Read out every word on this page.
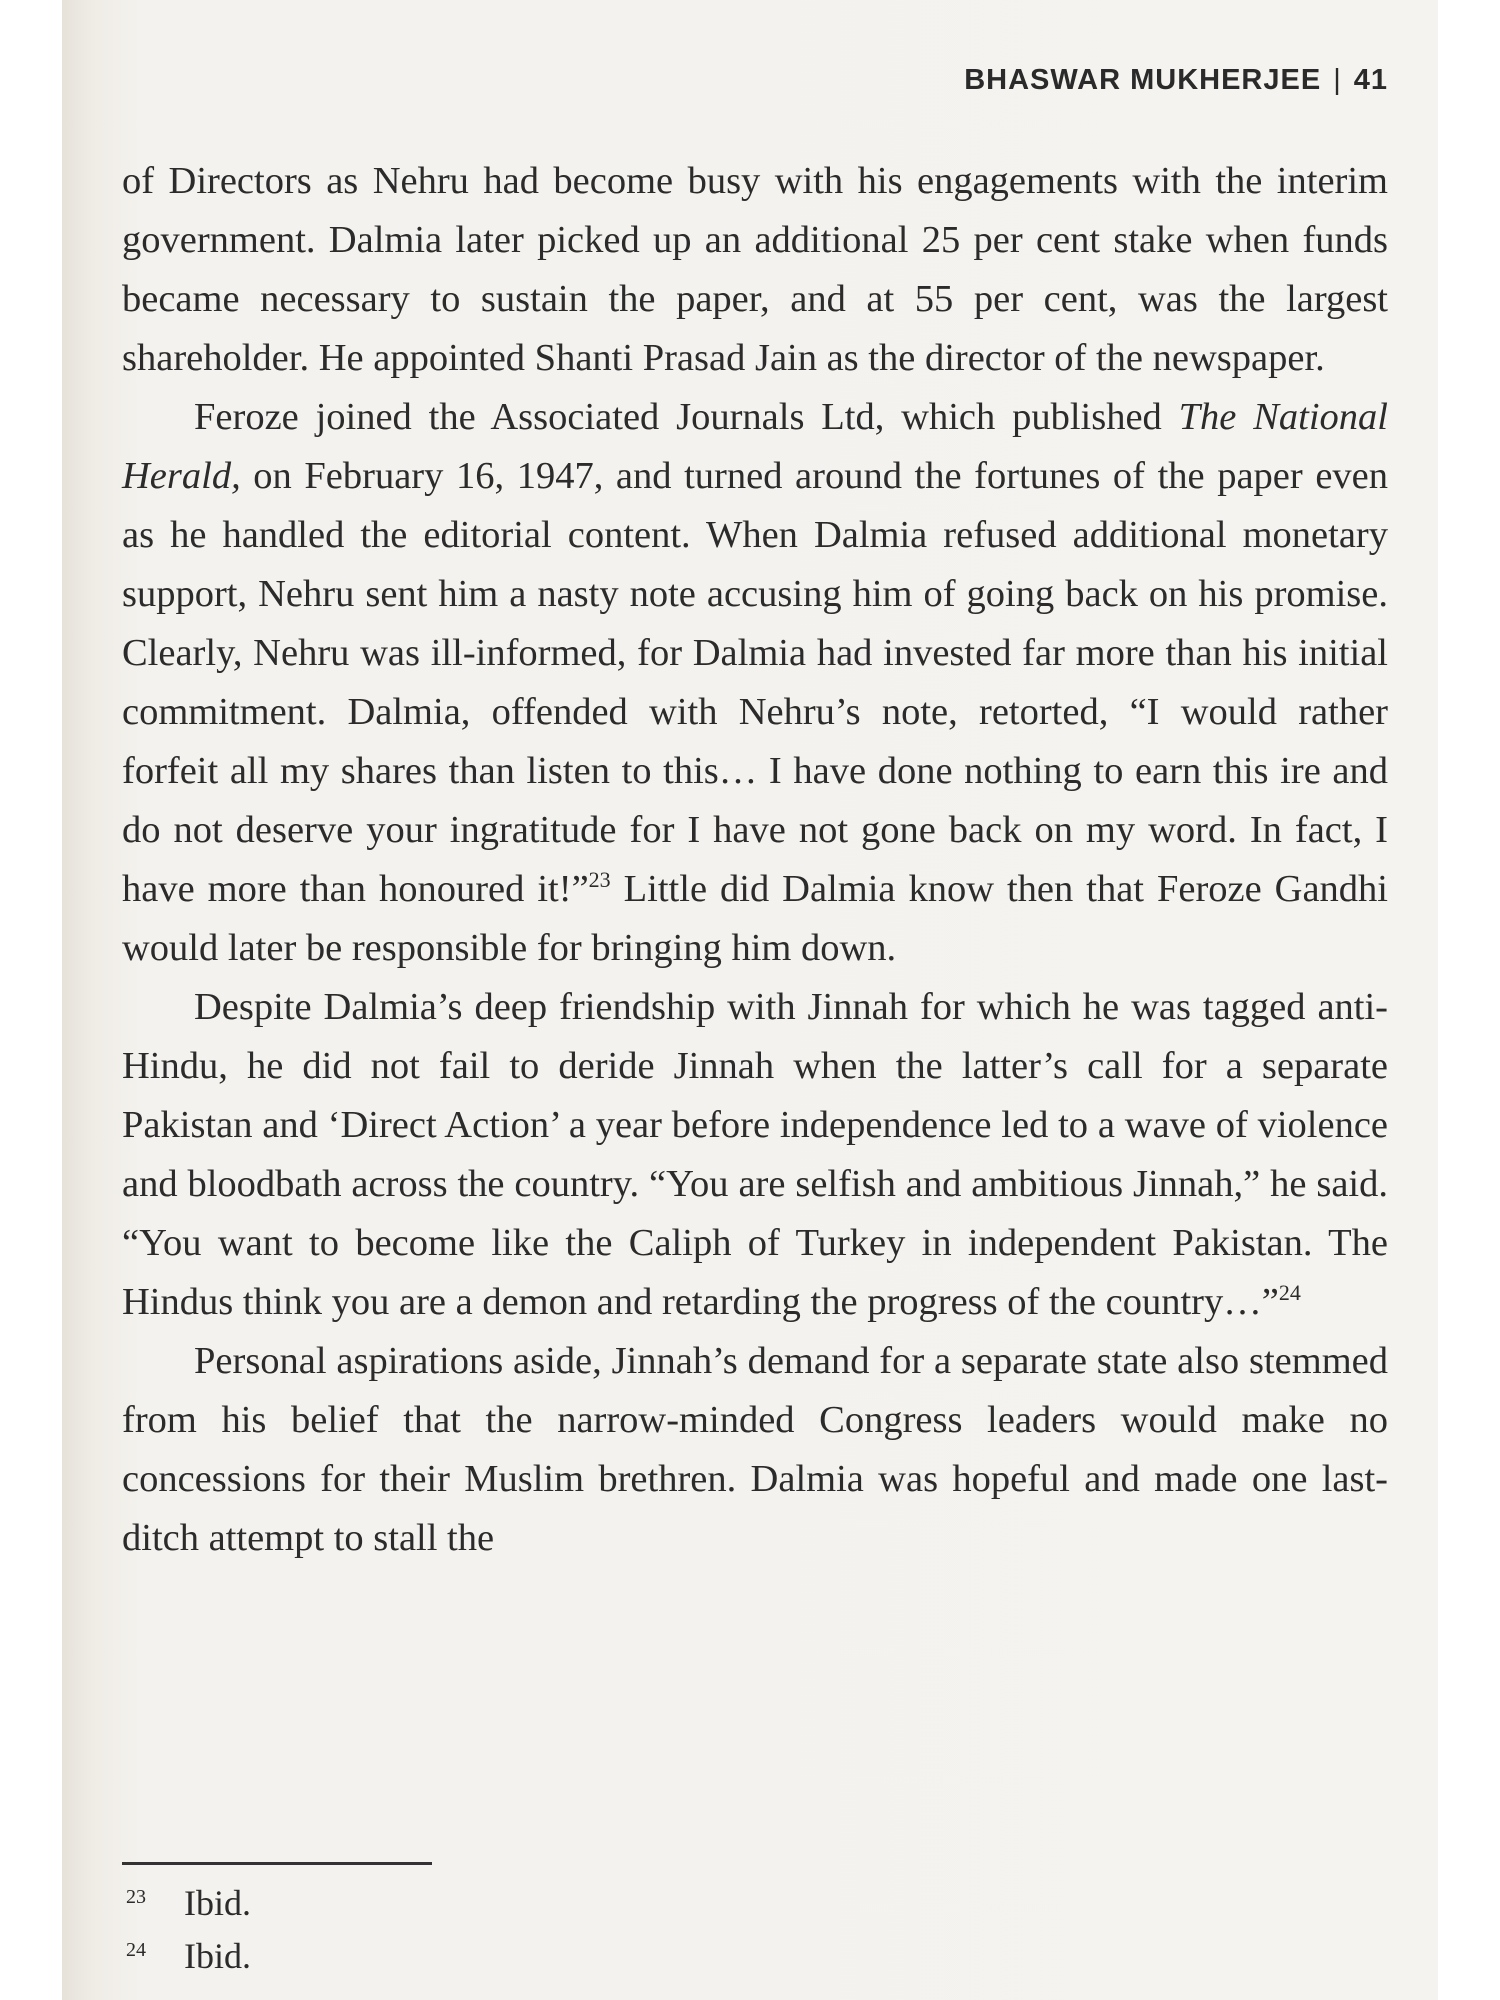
BHASWAR MUKHERJEE | 41

of Directors as Nehru had become busy with his engagements with the interim government. Dalmia later picked up an additional 25 per cent stake when funds became necessary to sustain the paper, and at 55 per cent, was the largest shareholder. He appointed Shanti Prasad Jain as the director of the newspaper.

Feroze joined the Associated Journals Ltd, which published The National Herald, on February 16, 1947, and turned around the fortunes of the paper even as he handled the editorial content. When Dalmia refused additional monetary support, Nehru sent him a nasty note accusing him of going back on his promise. Clearly, Nehru was ill-informed, for Dalmia had invested far more than his initial commitment. Dalmia, offended with Nehru’s note, retorted, “I would rather forfeit all my shares than listen to this… I have done nothing to earn this ire and do not deserve your ingratitude for I have not gone back on my word. In fact, I have more than honoured it!”$^{23}$ Little did Dalmia know then that Feroze Gandhi would later be responsible for bringing him down.

Despite Dalmia’s deep friendship with Jinnah for which he was tagged anti-Hindu, he did not fail to deride Jinnah when the latter’s call for a separate Pakistan and ‘Direct Action’ a year before independence led to a wave of violence and bloodbath across the country. “You are selfish and ambitious Jinnah,” he said. “You want to become like the Caliph of Turkey in independent Pakistan. The Hindus think you are a demon and retarding the progress of the country…”$^{24}$

Personal aspirations aside, Jinnah’s demand for a separate state also stemmed from his belief that the narrow-minded Congress leaders would make no concessions for their Muslim brethren. Dalmia was hopeful and made one last-ditch attempt to stall the

23 Ibid.
24 Ibid.
